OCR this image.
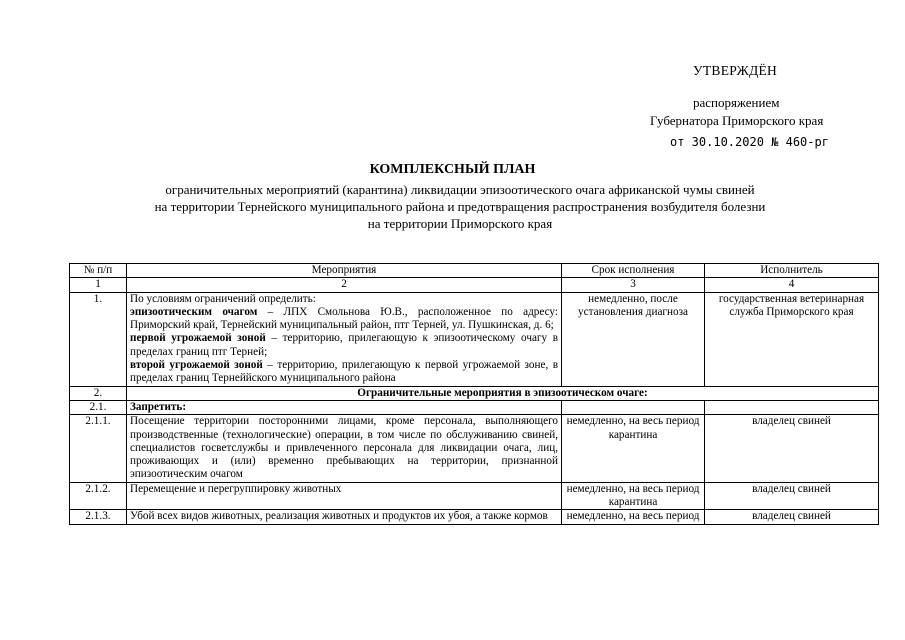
УТВЕРЖДЁН
распоряжением
Губернатора Приморского края
от 30.10.2020 № 460-рг
КОМПЛЕКСНЫЙ ПЛАН
ограничительных мероприятий (карантина) ликвидации эпизоотического очага африканской чумы свиней
на территории Тернейского муниципального района и предотвращения распространения возбудителя болезни
на территории Приморского края
№ п/п	Мероприятия	Срок исполнения	Исполнитель
1	2	3	4
1.	По условиям ограничений определить:
эпизоотическим очагом – ЛПХ Смольнова Ю.В., расположенное по адресу: Приморский край, Тернейский муниципальный район, птг Терней, ул. Пушкинская, д. 6;
первой угрожаемой зоной – территорию, прилегающую к эпизоотическому очагу в пределах границ птг Терней;
второй угрожаемой зоной – территорию, прилегающую к первой угрожаемой зоне, в пределах границ Тернеййского муниципального района	немедленно, после установления диагноза	государственная ветеринарная служба Приморского края
2.	Ограничительные мероприятия в эпизоотическом очаге:		
2.1.	Запретить:		
2.1.1.	Посещение территории посторонними лицами, кроме персонала, выполняющего производственные (технологические) операции, в том числе по обслуживанию свиней, специалистов госветслужбы и привлеченного персонала для ликвидации очага, лиц, проживающих и (или) временно пребывающих на территории, признанной эпизоотическим очагом	немедленно, на весь период карантина	владелец свиней
2.1.2.	Перемещение и перегруппировку животных	немедленно, на весь период карантина	владелец свиней
2.1.3.	Убой всех видов животных, реализация животных и продуктов их убоя, а также кормов	немедленно, на весь период	владелец свиней
